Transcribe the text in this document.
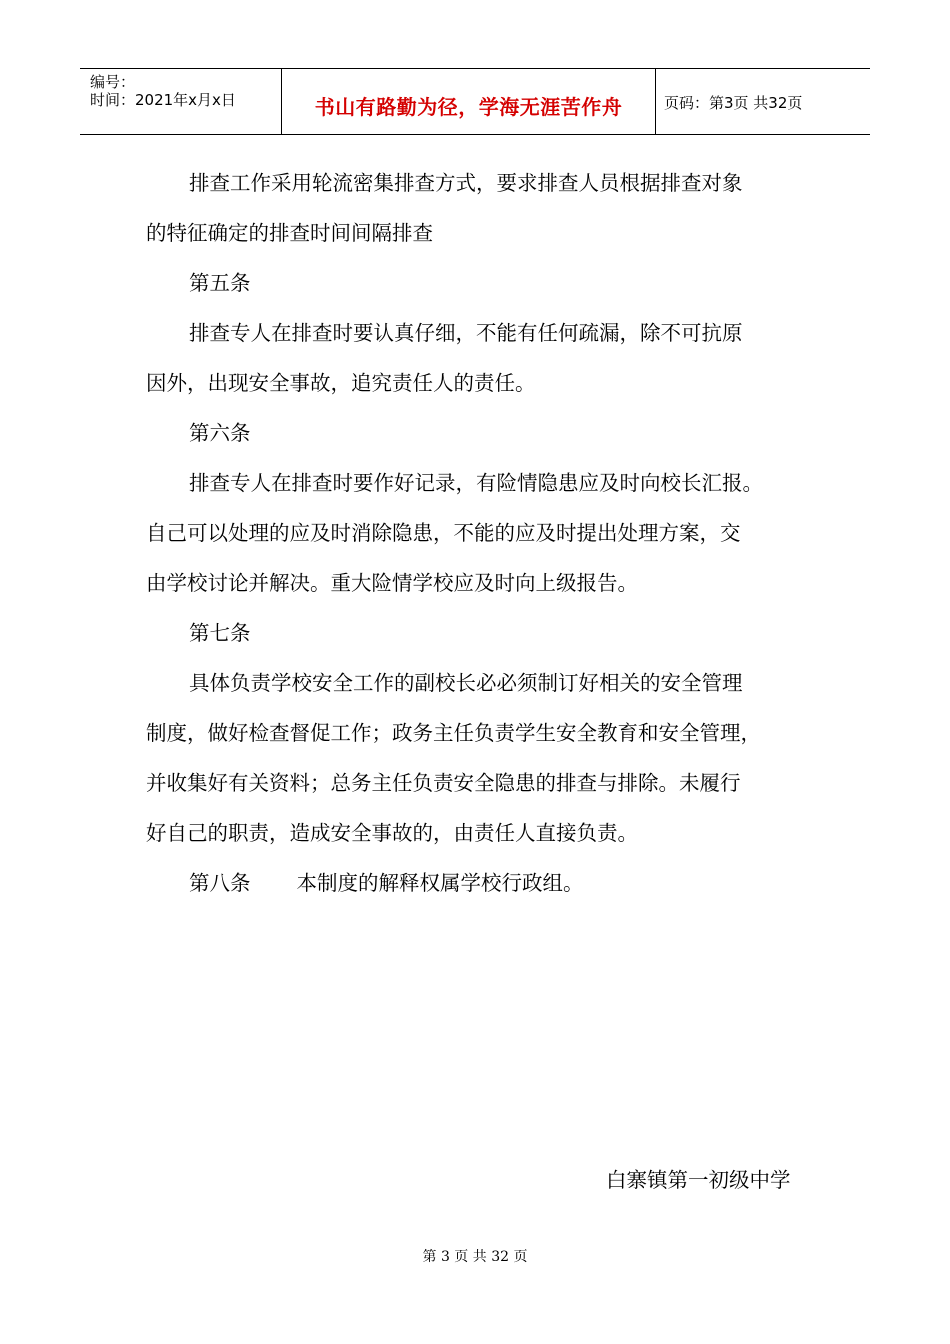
编号：
时间：2021年x月x日	书山有路勤为径，学海无涯苦作舟	页码：第3页 共32页
排查工作采用轮流密集排查方式，要求排查人员根据排查对象
的特征确定的排查时间间隔排查
第五条
排查专人在排查时要认真仔细，不能有任何疏漏，除不可抗原
因外，出现安全事故，追究责任人的责任。
第六条
排查专人在排查时要作好记录，有险情隐患应及时向校长汇报。
自己可以处理的应及时消除隐患，不能的应及时提出处理方案，交
由学校讨论并解决。重大险情学校应及时向上级报告。
第七条
具体负责学校安全工作的副校长必必须制订好相关的安全管理
制度，做好检查督促工作；政务主任负责学生安全教育和安全管理，
并收集好有关资料；总务主任负责安全隐患的排查与排除。未履行
好自己的职责，造成安全事故的，由责任人直接负责。
第八条 本制度的解释权属学校行政组。
白寨镇第一初级中学
第 3 页 共 32 页
